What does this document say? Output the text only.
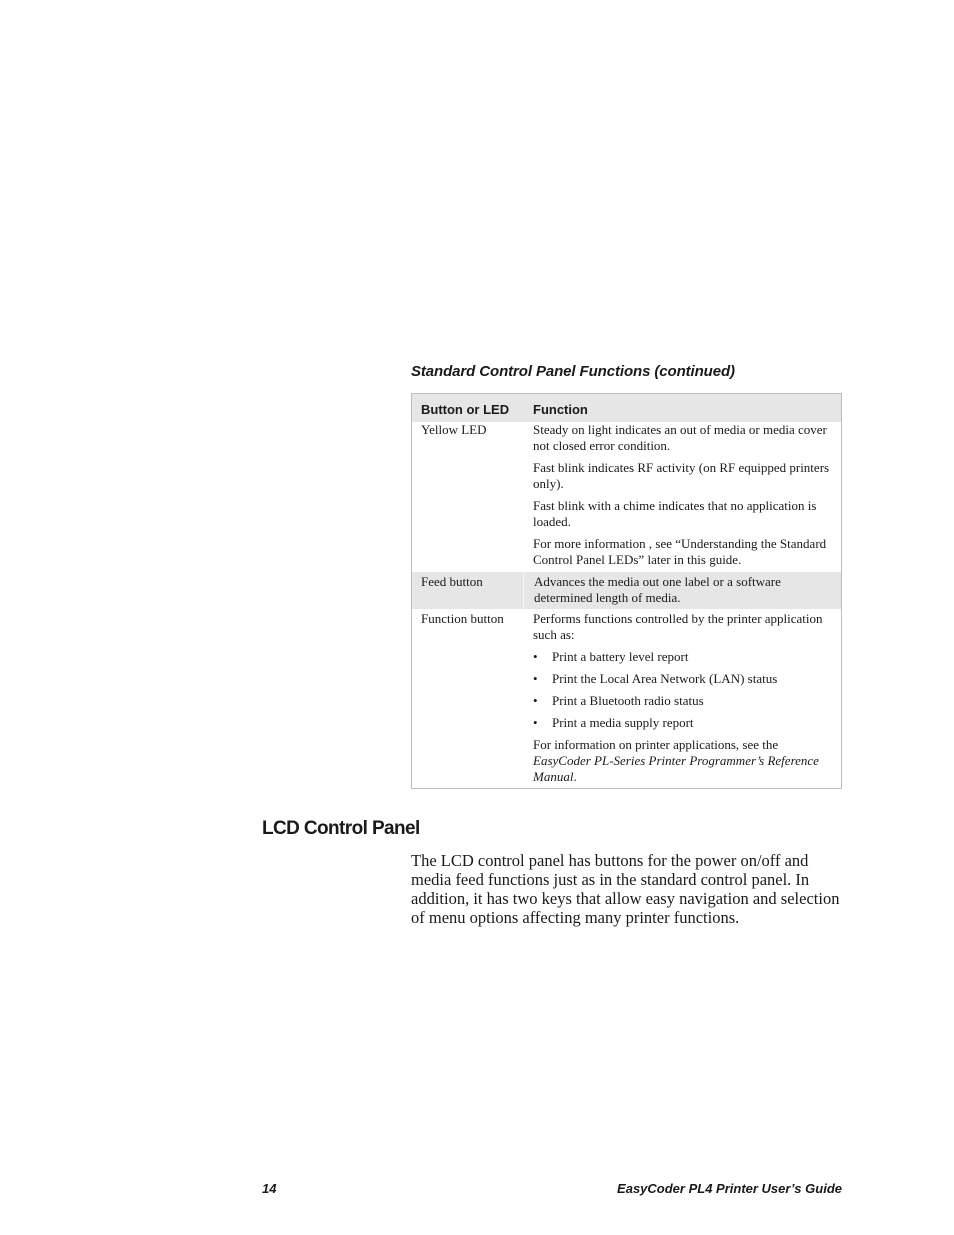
Standard Control Panel Functions (continued)
Button or LED	Function
Yellow LED	Steady on light indicates an out of media or media cover not closed error condition.

Fast blink indicates RF activity (on RF equipped printers only).

Fast blink with a chime indicates that no application is loaded.

For more information , see “Understanding the Standard Control Panel LEDs” later in this guide.

Feed button	Advances the media out one label or a software determined length of media.

Function button	Performs functions controlled by the printer application such as:

•	Print a battery level report
•	Print the Local Area Network (LAN) status
•	Print a Bluetooth radio status
•	Print a media supply report

For information on printer applications, see the EasyCoder PL-Series Printer Programmer’s Reference Manual.

LCD Control Panel
The LCD control panel has buttons for the power on/off and media feed functions just as in the standard control panel. In addition, it has two keys that allow easy navigation and selection of menu options affecting many printer functions.
14	EasyCoder PL4 Printer User’s Guide
